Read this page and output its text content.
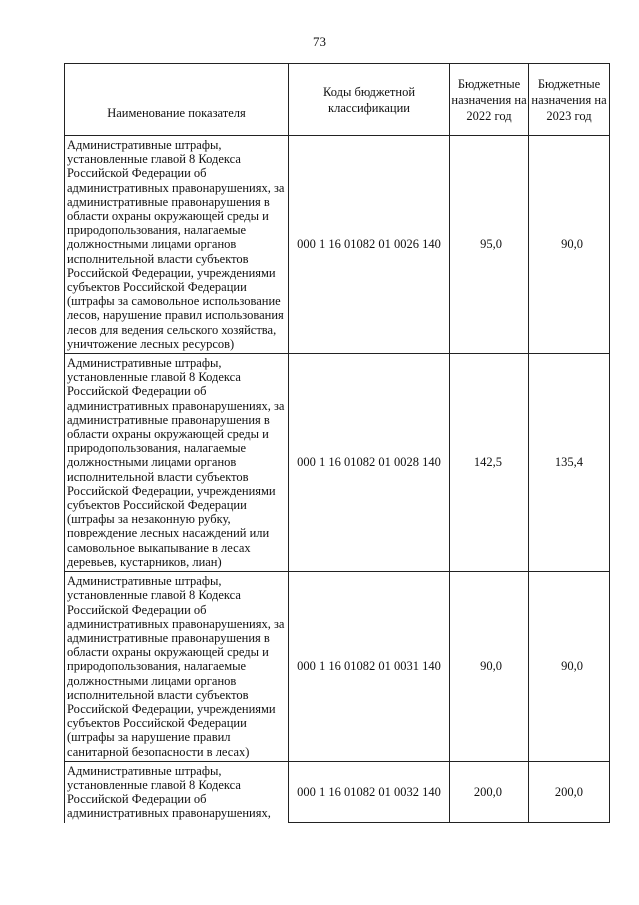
73
Наименование показателя	Коды бюджетной классификации	Бюджетные назначения на 2022 год	Бюджетные назначения на 2023 год
Административные штрафы, установленные главой 8 Кодекса Российской Федерации об административных правонарушениях, за административные правонарушения в области охраны окружающей среды и природопользования, налагаемые должностными лицами органов исполнительной власти субъектов Российской Федерации, учреждениями субъектов Российской Федерации (штрафы за самовольное использование лесов, нарушение правил использования лесов для ведения сельского хозяйства, уничтожение лесных ресурсов)	000 1 16 01082 01 0026 140	95,0	90,0
Административные штрафы, установленные главой 8 Кодекса Российской Федерации об административных правонарушениях, за административные правонарушения в области охраны окружающей среды и природопользования, налагаемые должностными лицами органов исполнительной власти субъектов Российской Федерации, учреждениями субъектов Российской Федерации (штрафы за незаконную рубку, повреждение лесных насаждений или самовольное выкапывание в лесах деревьев, кустарников, лиан)	000 1 16 01082 01 0028 140	142,5	135,4
Административные штрафы, установленные главой 8 Кодекса Российской Федерации об административных правонарушениях, за административные правонарушения в области охраны окружающей среды и природопользования, налагаемые должностными лицами органов исполнительной власти субъектов Российской Федерации, учреждениями субъектов Российской Федерации (штрафы за нарушение правил санитарной безопасности в лесах)	000 1 16 01082 01 0031 140	90,0	90,0
Административные штрафы, установленные главой 8 Кодекса Российской Федерации об административных правонарушениях,	000 1 16 01082 01 0032 140	200,0	200,0
